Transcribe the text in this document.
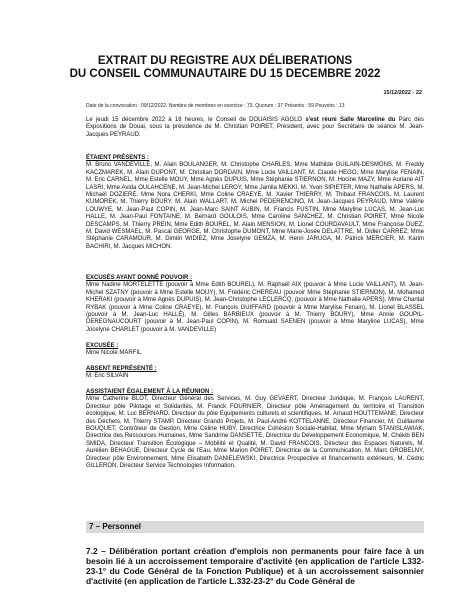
EXTRAIT DU REGISTRE AUX DÉLIBERATIONS
DU CONSEIL COMMUNAUTAIRE DU 15 DECEMBRE 2022
15/12/2022 - 22
Date de la convocation : 09/12/2022. Nombre de membres en exercice : 73. Quorum : 37 Présents : 59 Pouvoirs : 13
Le jeudi 15 décembre 2022 à 18 heures, le Conseil de DOUAISIS AGGLO s'est réuni Salle Marceline du Parc des Expositions de Douai, sous la présidence de M. Christian POIRET, Président, avec pour Secrétaire de séance M. Jean-Jacques PEYRAUD.
ÉTAIENT PRÉSENTS :
M. Bruno VANDEVILLE, M. Alain BOULANGER, M. Christophe CHARLES, Mme Mathilde GUILAIN-DESMONS, M. Freddy KACZMAREK, M. Alain DUPONT, M. Christian DORDAIN, Mme Lucie VAILLANT, M. Claude HEGO, Mme Marylise FENAIN, M. Eric CARNEL, Mme Estelle MOUY, Mme Agnès DUPUIS, Mme Stéphanie STIERNON, M. Hocine MAZY, Mme Auriane AIT LASRI, Mme Avida OULAHCENE, M. Jean-Michel LEROY, Mme Jamila MEKKI, M. Yvon SIPIETER, Mme Nathalie APERS, M. Michaël DOZIERE, Mme Nora CHERKI, Mme Coline CRAEYE, M. Xavier THIERRY, M. Thibaut FRANCOIS, M. Laurent KUMOREK, M. Thierry BOURY, M. Alain WALLART, M. Michel PEDERENCINO, M. Jean-Jacques PEYRAUD, Mme Valérie LOUWYE, M. Jean-Paul COPIN, M. Jean-Marc SAINT AUBIN, M. Francis FUSTIN, Mme Maryline LUCAS, M. Jean-Luc HALLE, M. Jean-Paul FONTAINE, M. Bernard GOULOIS, Mme Caroline SANCHEZ, M. Christian POIRET, Mme Nicole DESCAMPS, M. Thierry PREIN, Mme Edith BOUREL, M. Alain MENSION, M. Lionel COURDAVAULT, Mme Françoise DUEZ, M. David WESMAEL, M. Pascal GEORGE, M. Christophe DUMONT, Mme Marie-Josée DELATTRE, M. Didier CARREZ, Mme Stéphanie CARAMOUR, M. Dimitri WIDIEZ, Mme Joselyne GEMZA, M. Henri JARUGA, M. Patrick MERCIER, M. Karim BACHIRI, M. Jacques MICHON.
EXCUSÉS AYANT DONNÉ POUVOIR :
Mme Nadine MORTELETTE (pouvoir à Mme Edith BOUREL), M. Raphaël AIX (pouvoir à Mme Lucie VAILLANT), M. Jean-Michel SZATNY (pouvoir à Mme Estelle MOUY), M. Frédéric CHEREAU (pouvoir Mme Stéphanie STIERNON), M. Mohamed KHERAKI (pouvoir à Mme Agnès DUPUIS), M. Jean-Christophe LECLERCQ, (pouvoir à Mme Nathalie APERS), Mme Chantal RYBAK (pouvoir à Mme Coline CRAEYE), M. François GUIFFARD (pouvoir à Mme Marylise Fenain), M. Lionel BLASSEL (pouvoir à M. Jean-Luc HALLÉ), M. Gilles BARBIEUX (pouvoir à M. Thierry BOURY), Mme Annie GOUPIL-DEREGNAUCOURT (pouvoir à M. Jean-Paul COPIN), M. Romuald SAENEN (pouvoir à Mme Maryline LUCAS), Mme Jocelyne CHARLET (pouvoir à M. VANDEVILLE)
EXCUSÉE :
Mme Nicole MARFIL
ABSENT REPRÉSENTÉ :
M. Eric SILVAIN
ASSISTAIENT ÉGALEMENT À LA RÉUNION :
Mme Catherine BLOT, Directeur Général des Services, M. Guy GEVAERT, Directeur Juridique, M. François LAURENT, Directeur pôle Pilotage et Solidarités, M. Franck FOURNIER, Directeur pôle Aménagement du territoire et Transition écologique, M. Luc BERNARD, Directeur du pôle Equipements culturels et scientifiques, M. Arnaud HOUTTEMANE, Directeur des Déchets, M. Thierry STAMP, Directeur Grands Projets, M. Paul-André KOTTELANNE, Directeur Financier, M. Guillaume BOUQUET, Contrôleur de Gestion, Mme Céline HUBY, Directrice Cohésion Sociale-Habitat, Mme Myriam STANISLAWIAK, Directrice des Ressources Humaines, Mme Sandrine DANSETTE, Directrice du Développement Economique, M. Chékib BEN SMIDA, Directeur Transition Écologique – Mobilité et Qualité, M. David FRANCOIS, Directeur des Espaces Naturels, M. Aurélien BEHAGUE, Directeur Cycle de l'Eau, Mme Marion POIRET, Directrice de la Communication, M. Marc GROBELNY, Directeur pôle Environnement, Mme Elisabeth DANIELEWSKI, Directrice Prospective et financements extérieurs, M. Cédric GILLERON, Directeur Service Technologies Information.
7 – Personnel
7.2 – Délibération portant création d'emplois non permanents pour faire face à un besoin lié à un accroissement temporaire d'activité (en application de l'article L332-23-1° du Code Général de la Fonction Publique) et à un accroissement saisonnier d'activité (en application de l'article L.332-23-2° du Code Général de
